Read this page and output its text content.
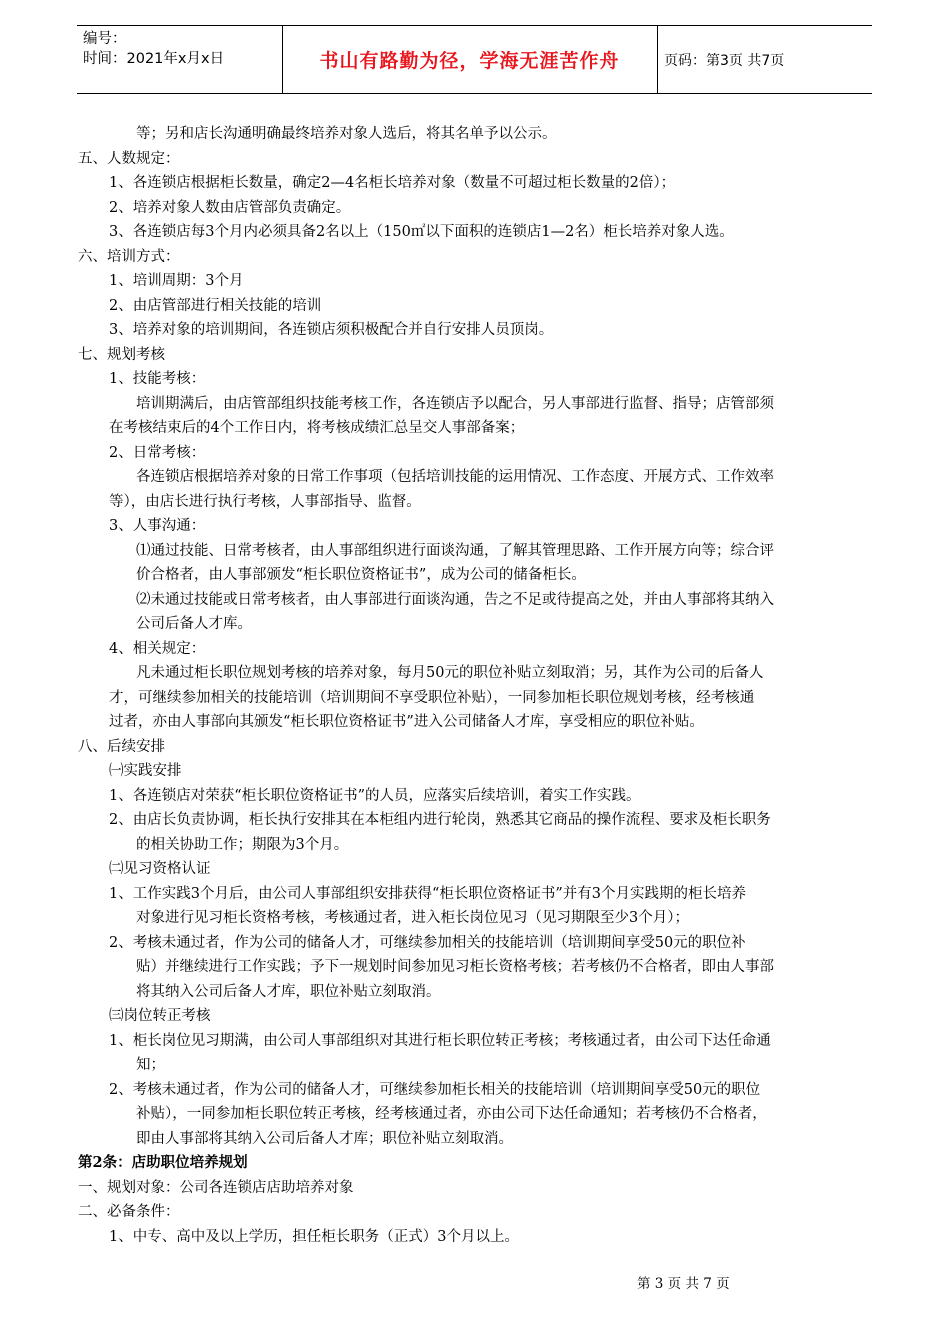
编号：
时间：2021年x月x日	书山有路勤为径，学海无涯苦作舟	页码：第3页 共7页
等；另和店长沟通明确最终培养对象人选后，将其名单予以公示。
五、人数规定：
1、各连锁店根据柜长数量，确定2—4名柜长培养对象（数量不可超过柜长数量的2倍）；
2、培养对象人数由店管部负责确定。
3、各连锁店每3个月内必须具备2名以上（150㎡以下面积的连锁店1—2名）柜长培养对象人选。
六、培训方式：
1、培训周期：3个月
2、由店管部进行相关技能的培训
3、培养对象的培训期间，各连锁店须积极配合并自行安排人员顶岗。
七、规划考核
1、技能考核：
培训期满后，由店管部组织技能考核工作，各连锁店予以配合，另人事部进行监督、指导；店管部须
在考核结束后的4个工作日内，将考核成绩汇总呈交人事部备案；
2、日常考核：
各连锁店根据培养对象的日常工作事项（包括培训技能的运用情况、工作态度、开展方式、工作效率
等），由店长进行执行考核，人事部指导、监督。
3、人事沟通：
⑴通过技能、日常考核者，由人事部组织进行面谈沟通，了解其管理思路、工作开展方向等；综合评
价合格者，由人事部颁发“柜长职位资格证书”，成为公司的储备柜长。
⑵未通过技能或日常考核者，由人事部进行面谈沟通，告之不足或待提高之处，并由人事部将其纳入
公司后备人才库。
4、相关规定：
凡未通过柜长职位规划考核的培养对象，每月50元的职位补贴立刻取消；另，其作为公司的后备人
才，可继续参加相关的技能培训（培训期间不享受职位补贴），一同参加柜长职位规划考核，经考核通
过者，亦由人事部向其颁发“柜长职位资格证书”进入公司储备人才库，享受相应的职位补贴。
八、后续安排
㈠实践安排
1、各连锁店对荣获“柜长职位资格证书”的人员，应落实后续培训，着实工作实践。
2、由店长负责协调，柜长执行安排其在本柜组内进行轮岗，熟悉其它商品的操作流程、要求及柜长职务
的相关协助工作；期限为3个月。
㈡见习资格认证
1、工作实践3个月后，由公司人事部组织安排获得“柜长职位资格证书”并有3个月实践期的柜长培养
对象进行见习柜长资格考核，考核通过者，进入柜长岗位见习（见习期限至少3个月）；
2、考核未通过者，作为公司的储备人才，可继续参加相关的技能培训（培训期间享受50元的职位补
贴）并继续进行工作实践；予下一规划时间参加见习柜长资格考核；若考核仍不合格者，即由人事部
将其纳入公司后备人才库，职位补贴立刻取消。
㈢岗位转正考核
1、柜长岗位见习期满，由公司人事部组织对其进行柜长职位转正考核；考核通过者，由公司下达任命通
知；
2、考核未通过者，作为公司的储备人才，可继续参加柜长相关的技能培训（培训期间享受50元的职位
补贴），一同参加柜长职位转正考核，经考核通过者，亦由公司下达任命通知；若考核仍不合格者，
即由人事部将其纳入公司后备人才库；职位补贴立刻取消。
第2条：店助职位培养规划
一、规划对象：公司各连锁店店助培养对象
二、必备条件：
1、中专、高中及以上学历，担任柜长职务（正式）3个月以上。
第 3 页 共 7 页
